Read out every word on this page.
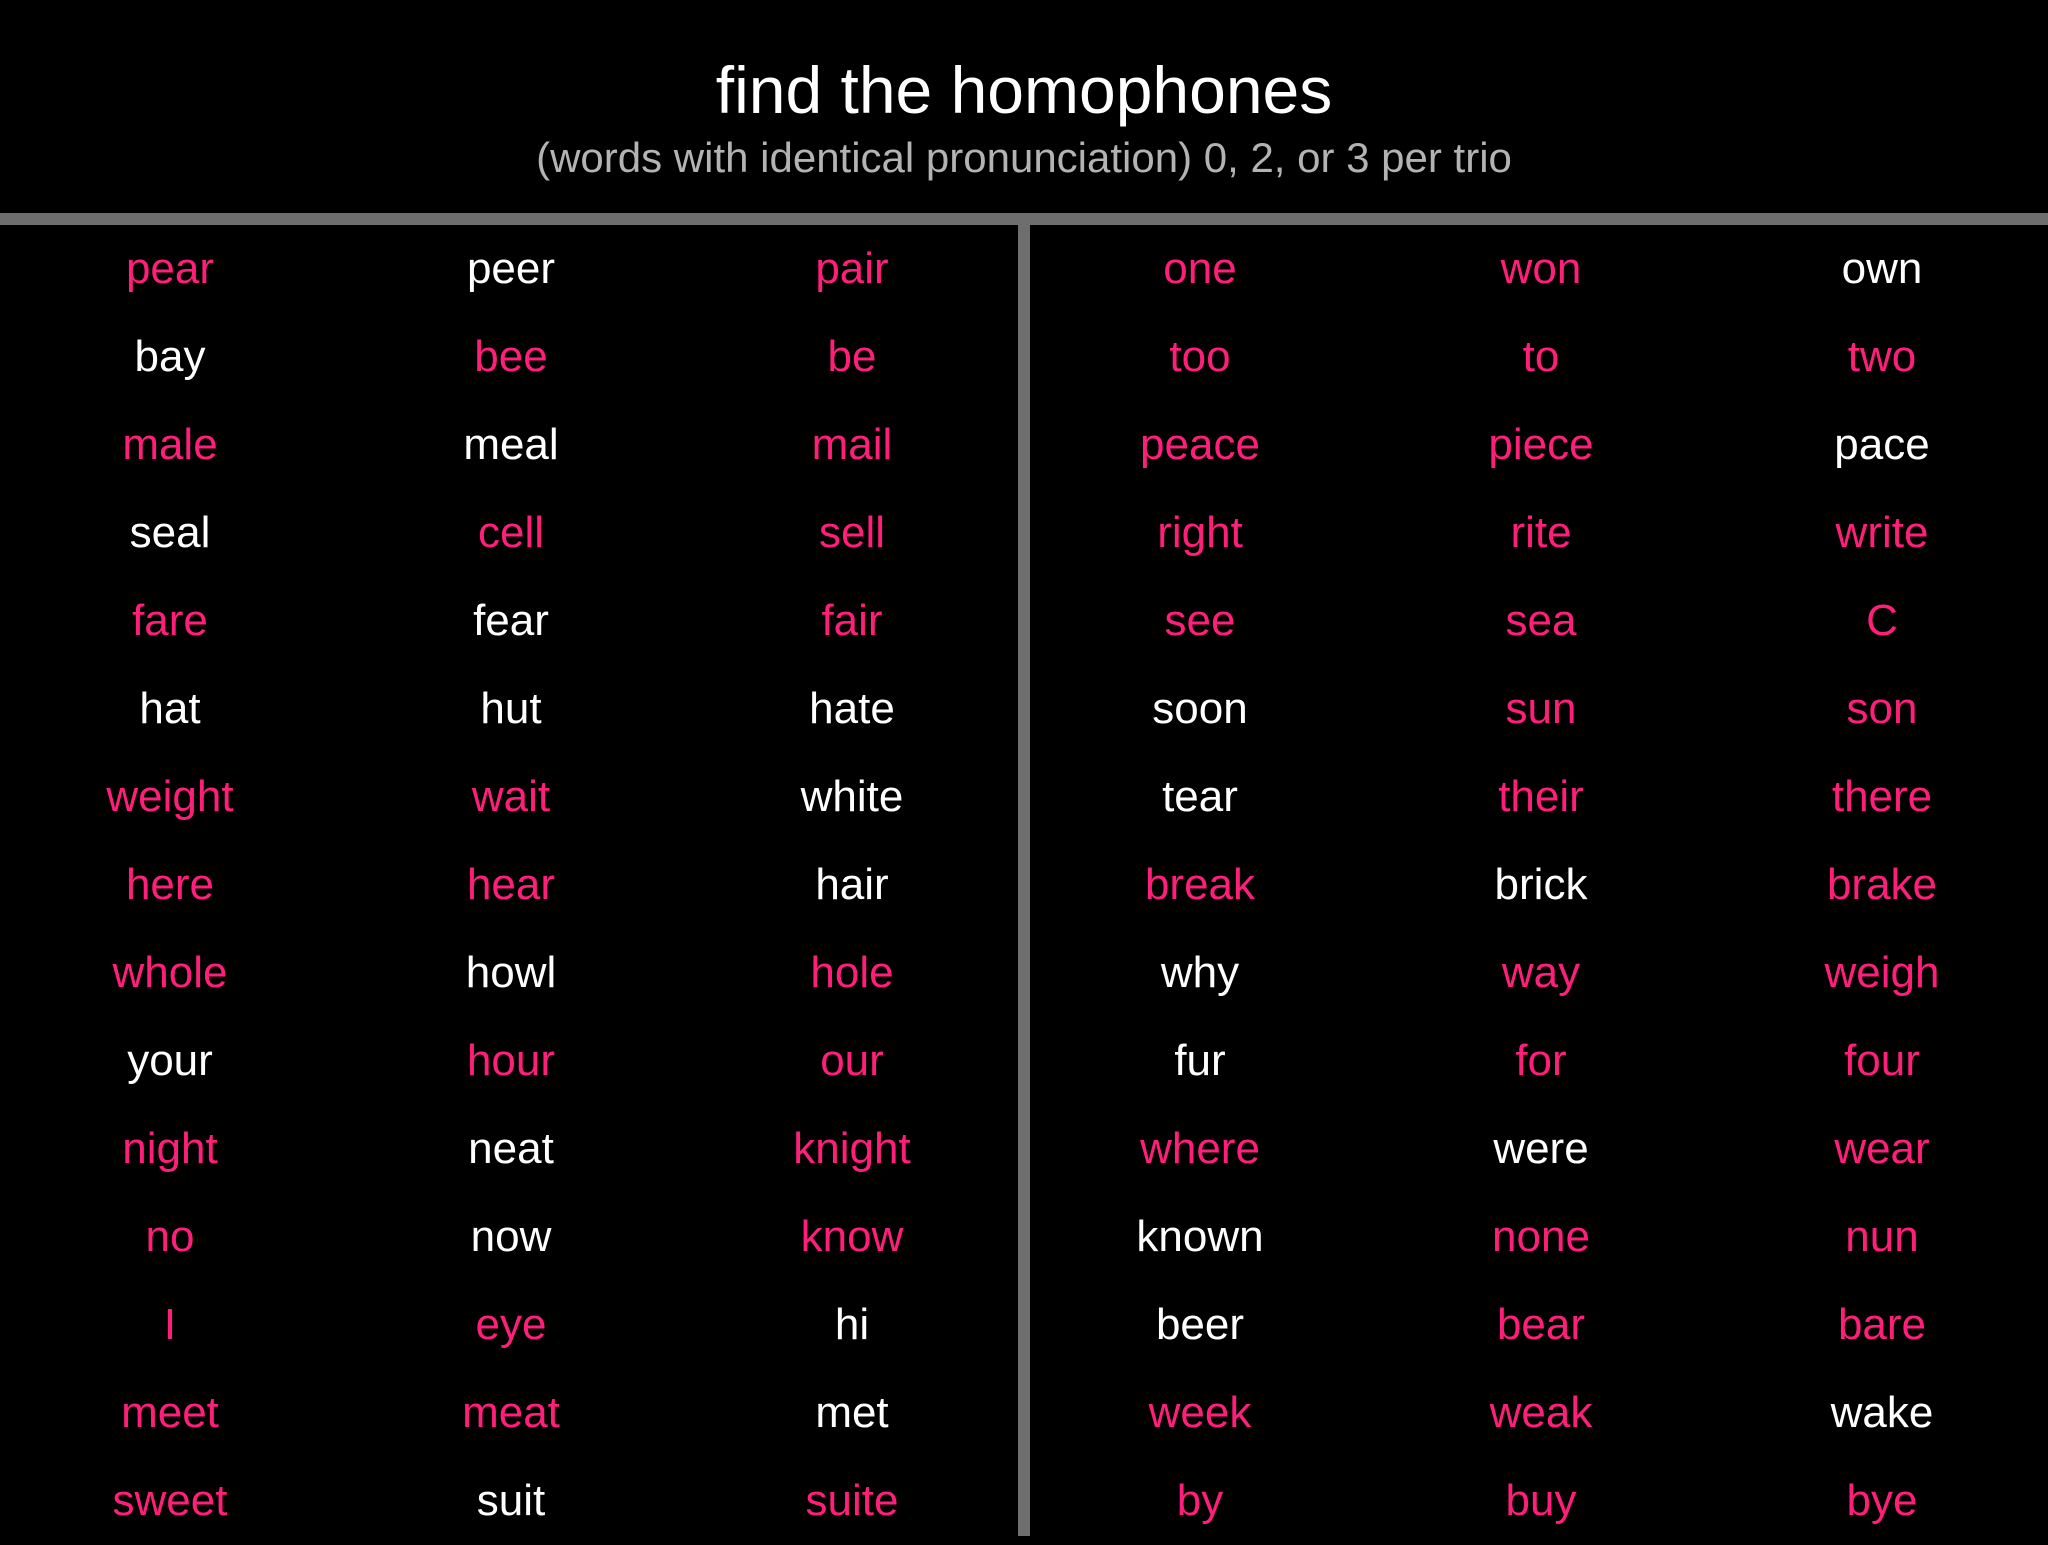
find the homophones
(words with identical pronunciation) 0, 2, or 3 per trio
pear	peer	pair
bay	bee	be
male	meal	mail
seal	cell	sell
fare	fear	fair
hat	hut	hate
weight	wait	white
here	hear	hair
whole	howl	hole
your	hour	our
night	neat	knight
no	now	know
I	eye	hi
meet	meat	met
sweet	suit	suite
one	won	own
too	to	two
peace	piece	pace
right	rite	write
see	sea	C
soon	sun	son
tear	their	there
break	brick	brake
why	way	weigh
fur	for	four
where	were	wear
known	none	nun
beer	bear	bare
week	weak	wake
by	buy	bye
